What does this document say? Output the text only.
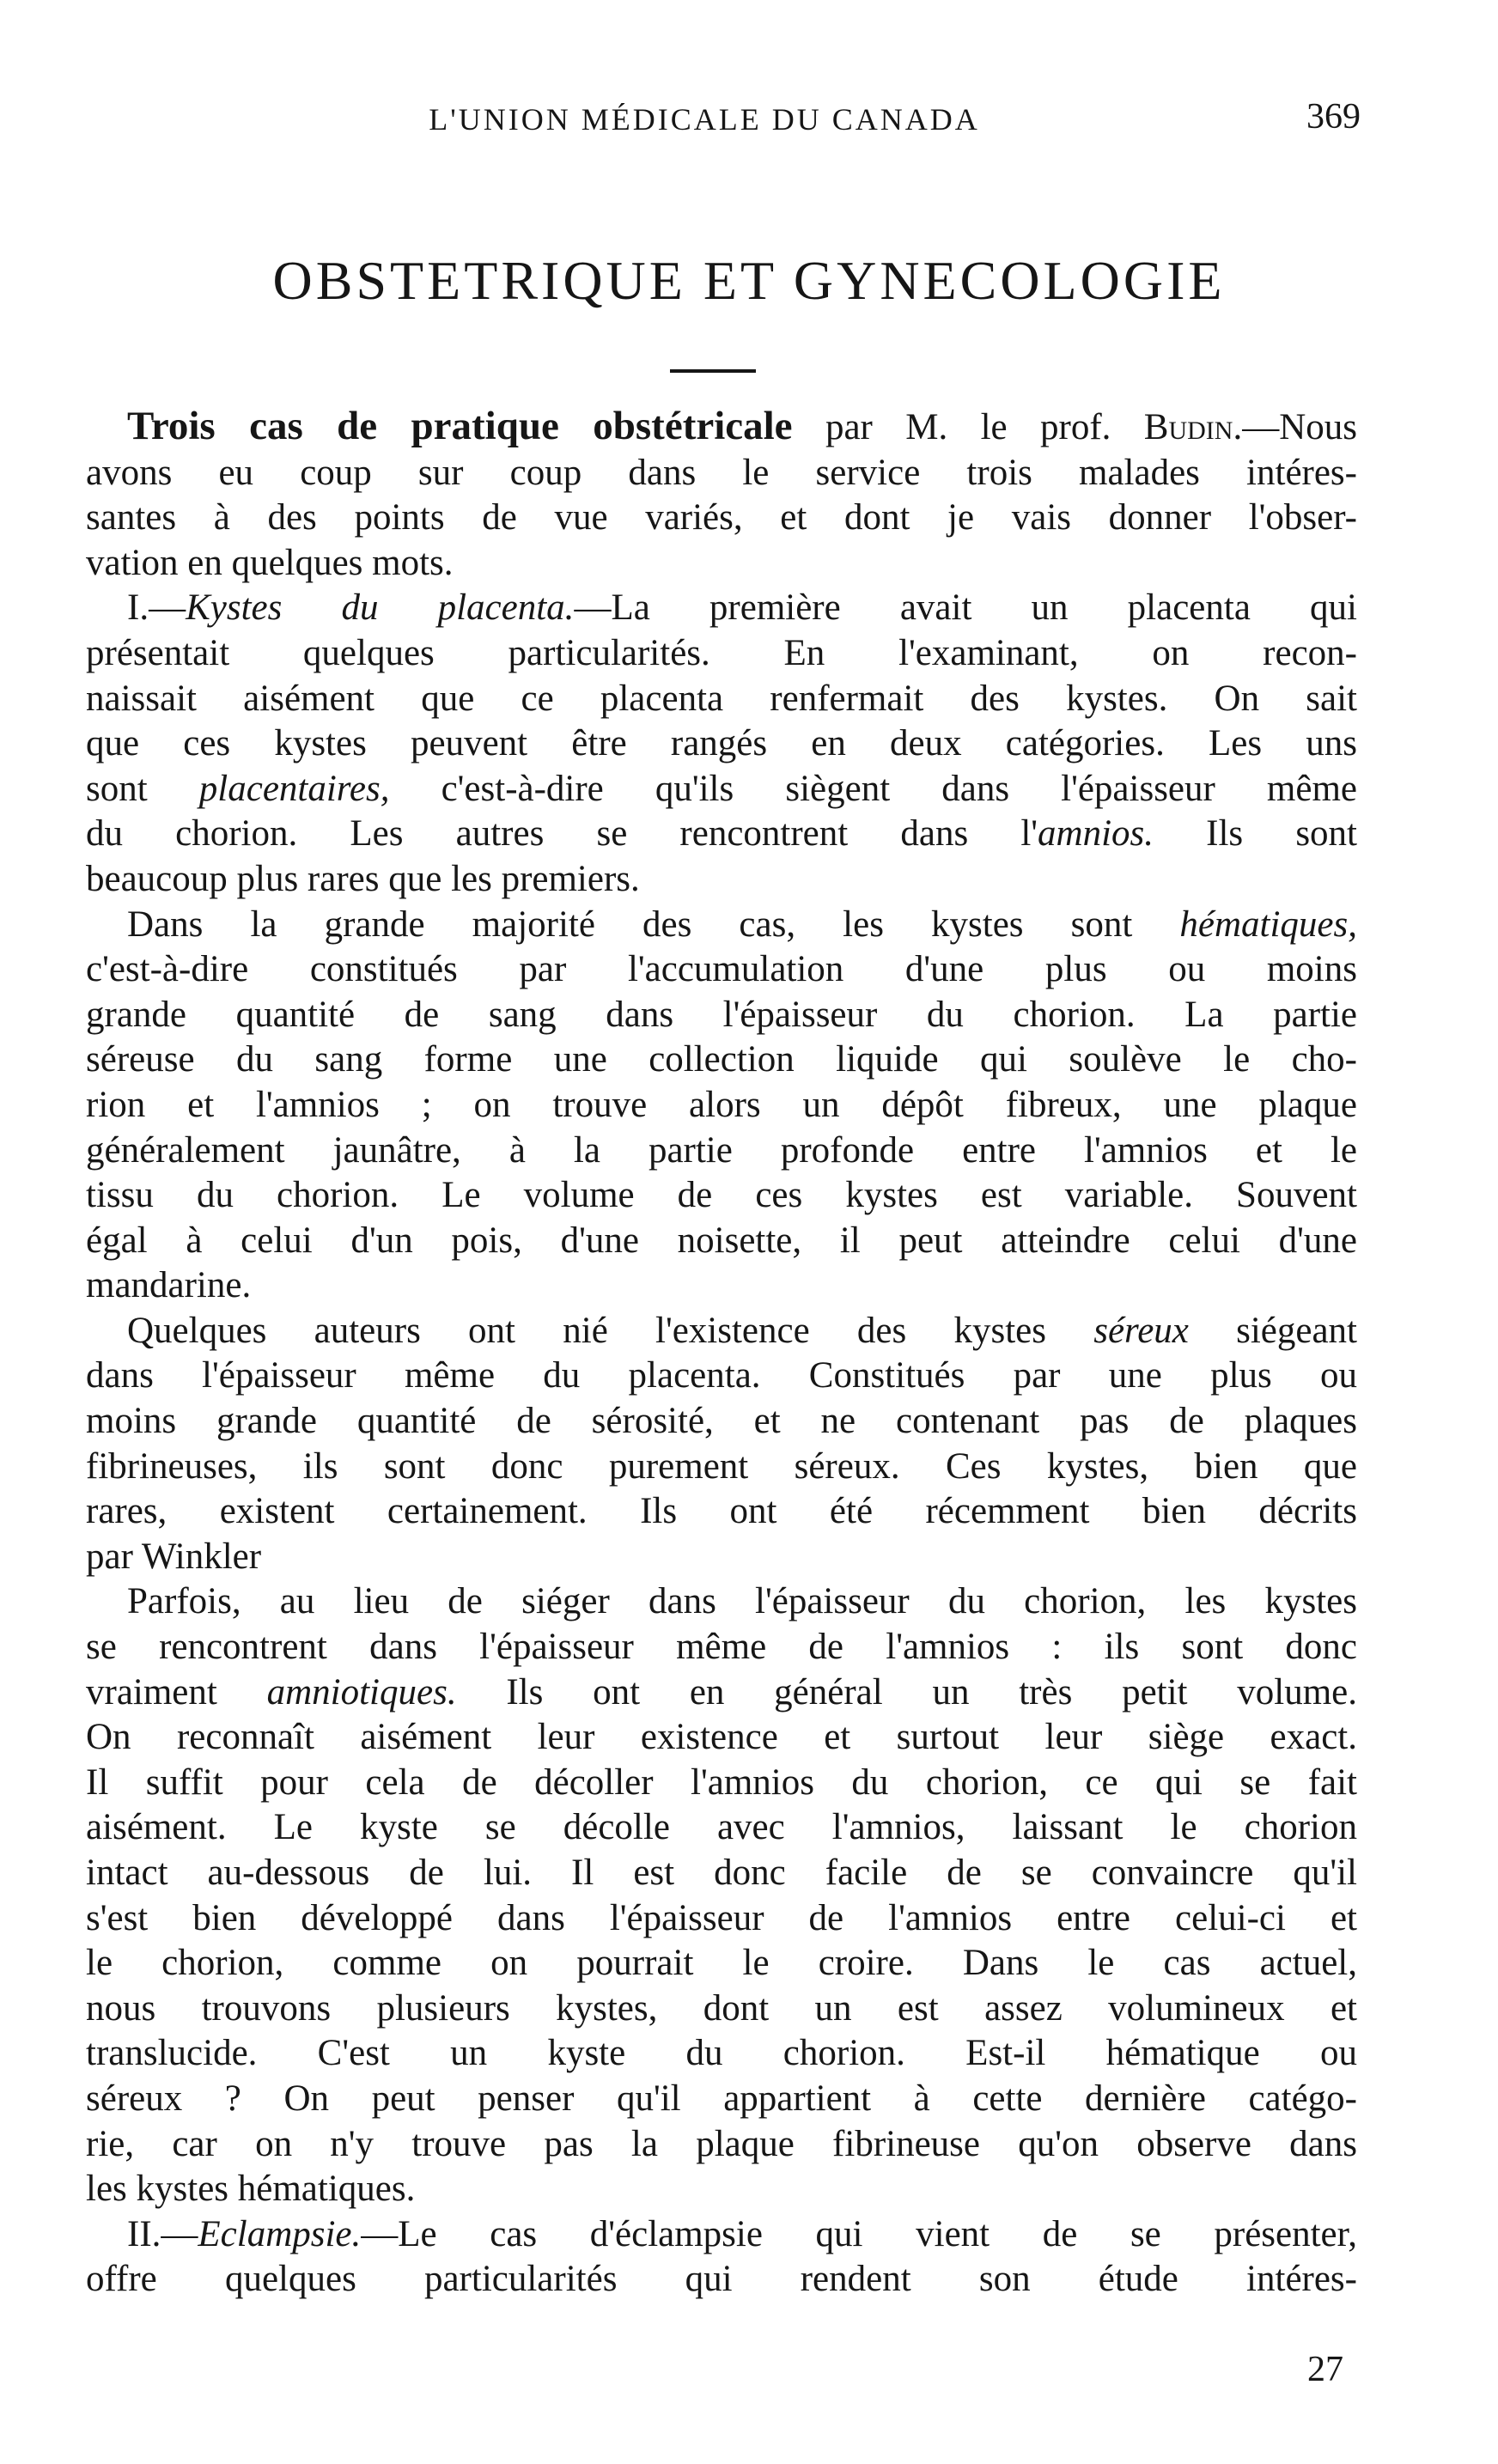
L'UNION MÉDICALE DU CANADA	369
OBSTETRIQUE ET GYNECOLOGIE
Trois cas de pratique obstétricale par M. le prof. Budin.—Nous
avons eu coup sur coup dans le service trois malades intéres-
santes à des points de vue variés, et dont je vais donner l'obser-
vation en quelques mots.
I.—Kystes du placenta.—La première avait un placenta qui
présentait quelques particularités. En l'examinant, on recon-
naissait aisément que ce placenta renfermait des kystes. On sait
que ces kystes peuvent être rangés en deux catégories. Les uns
sont placentaires, c'est-à-dire qu'ils siègent dans l'épaisseur même
du chorion. Les autres se rencontrent dans l'amnios. Ils sont
beaucoup plus rares que les premiers.
Dans la grande majorité des cas, les kystes sont hématiques,
c'est-à-dire constitués par l'accumulation d'une plus ou moins
grande quantité de sang dans l'épaisseur du chorion. La partie
séreuse du sang forme une collection liquide qui soulève le cho-
rion et l'amnios ; on trouve alors un dépôt fibreux, une plaque
généralement jaunâtre, à la partie profonde entre l'amnios et le
tissu du chorion. Le volume de ces kystes est variable. Souvent
égal à celui d'un pois, d'une noisette, il peut atteindre celui d'une
mandarine.
Quelques auteurs ont nié l'existence des kystes séreux siégeant
dans l'épaisseur même du placenta. Constitués par une plus ou
moins grande quantité de sérosité, et ne contenant pas de plaques
fibrineuses, ils sont donc purement séreux. Ces kystes, bien que
rares, existent certainement. Ils ont été récemment bien décrits
par Winkler
Parfois, au lieu de siéger dans l'épaisseur du chorion, les kystes
se rencontrent dans l'épaisseur même de l'amnios : ils sont donc
vraiment amniotiques. Ils ont en général un très petit volume.
On reconnaît aisément leur existence et surtout leur siège exact.
Il suffit pour cela de décoller l'amnios du chorion, ce qui se fait
aisément. Le kyste se décolle avec l'amnios, laissant le chorion
intact au-dessous de lui. Il est donc facile de se convaincre qu'il
s'est bien développé dans l'épaisseur de l'amnios entre celui-ci et
le chorion, comme on pourrait le croire. Dans le cas actuel,
nous trouvons plusieurs kystes, dont un est assez volumineux et
translucide. C'est un kyste du chorion. Est-il hématique ou
séreux ? On peut penser qu'il appartient à cette dernière catégo-
rie, car on n'y trouve pas la plaque fibrineuse qu'on observe dans
les kystes hématiques.
II.—Eclampsie.—Le cas d'éclampsie qui vient de se présenter,
offre quelques particularités qui rendent son étude intéres-
27
